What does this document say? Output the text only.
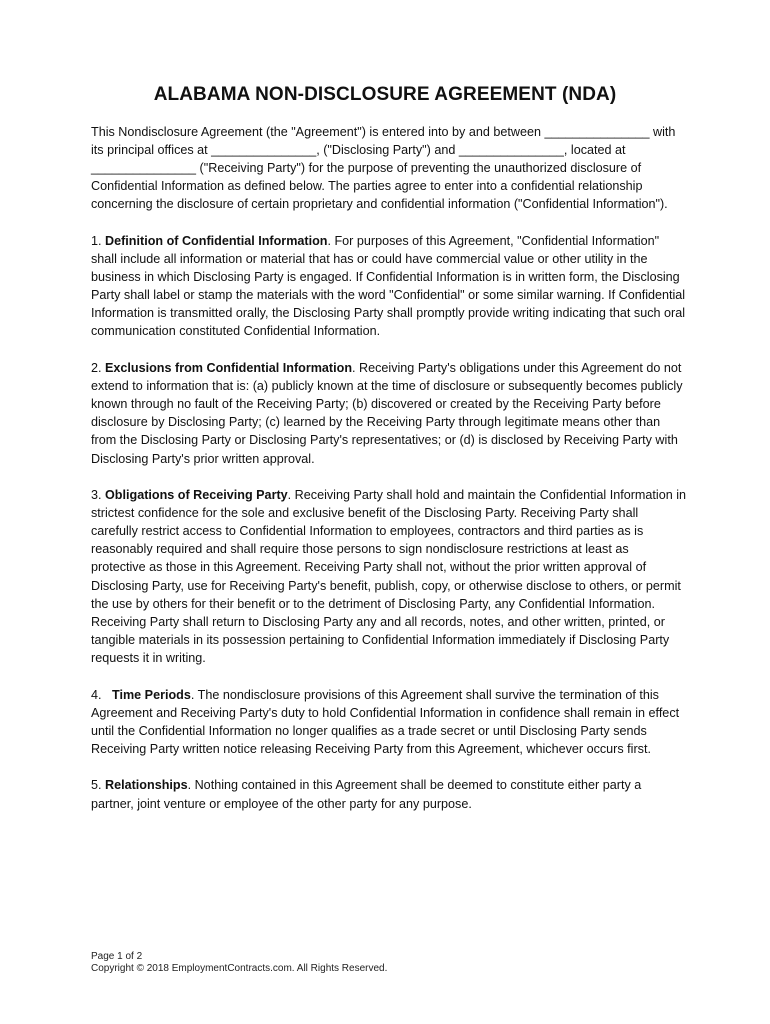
ALABAMA NON-DISCLOSURE AGREEMENT (NDA)

This Nondisclosure Agreement (the "Agreement") is entered into by and between _______________ with its principal offices at _______________, ("Disclosing Party") and _______________, located at _______________ ("Receiving Party") for the purpose of preventing the unauthorized disclosure of Confidential Information as defined below. The parties agree to enter into a confidential relationship concerning the disclosure of certain proprietary and confidential information ("Confidential Information").

1. Definition of Confidential Information. For purposes of this Agreement, "Confidential Information" shall include all information or material that has or could have commercial value or other utility in the business in which Disclosing Party is engaged. If Confidential Information is in written form, the Disclosing Party shall label or stamp the materials with the word "Confidential" or some similar warning. If Confidential Information is transmitted orally, the Disclosing Party shall promptly provide writing indicating that such oral communication constituted Confidential Information.

2. Exclusions from Confidential Information. Receiving Party's obligations under this Agreement do not extend to information that is: (a) publicly known at the time of disclosure or subsequently becomes publicly known through no fault of the Receiving Party; (b) discovered or created by the Receiving Party before disclosure by Disclosing Party; (c) learned by the Receiving Party through legitimate means other than from the Disclosing Party or Disclosing Party's representatives; or (d) is disclosed by Receiving Party with Disclosing Party's prior written approval.

3. Obligations of Receiving Party. Receiving Party shall hold and maintain the Confidential Information in strictest confidence for the sole and exclusive benefit of the Disclosing Party. Receiving Party shall carefully restrict access to Confidential Information to employees, contractors and third parties as is reasonably required and shall require those persons to sign nondisclosure restrictions at least as protective as those in this Agreement. Receiving Party shall not, without the prior written approval of Disclosing Party, use for Receiving Party's benefit, publish, copy, or otherwise disclose to others, or permit the use by others for their benefit or to the detriment of Disclosing Party, any Confidential Information. Receiving Party shall return to Disclosing Party any and all records, notes, and other written, printed, or tangible materials in its possession pertaining to Confidential Information immediately if Disclosing Party requests it in writing.

4.   Time Periods. The nondisclosure provisions of this Agreement shall survive the termination of this Agreement and Receiving Party's duty to hold Confidential Information in confidence shall remain in effect until the Confidential Information no longer qualifies as a trade secret or until Disclosing Party sends Receiving Party written notice releasing Receiving Party from this Agreement, whichever occurs first.

5. Relationships. Nothing contained in this Agreement shall be deemed to constitute either party a partner, joint venture or employee of the other party for any purpose.

Page 1 of 2
Copyright © 2018 EmploymentContracts.com. All Rights Reserved.
